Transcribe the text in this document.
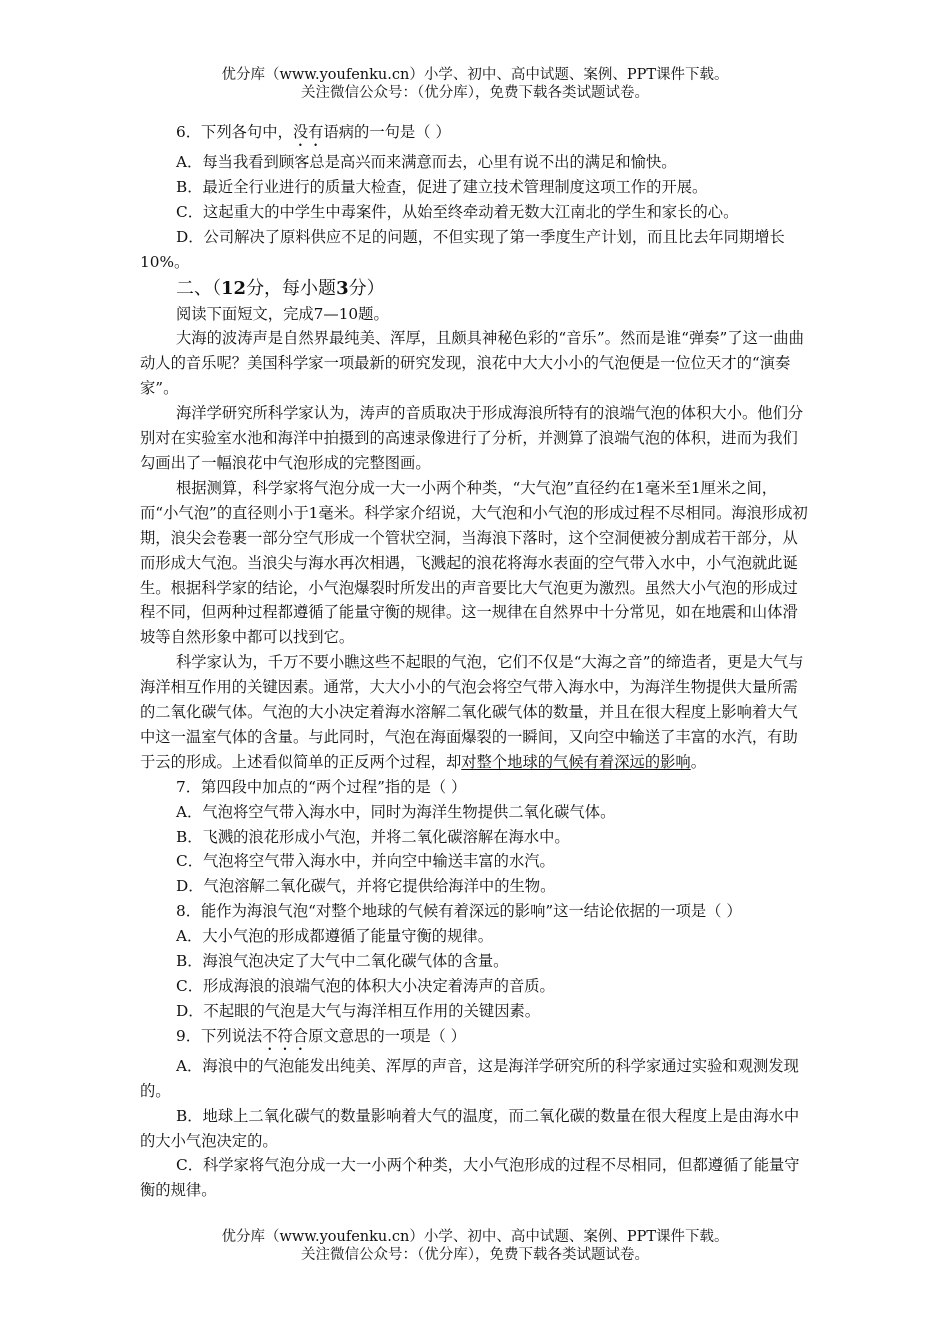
优分库（www.youfenku.cn）小学、初中、高中试题、案例、PPT课件下载。
关注微信公众号：（优分库），免费下载各类试题试卷。

6．下列各句中，没有语病的一句是（ ）

A．每当我看到顾客总是高兴而来满意而去，心里有说不出的满足和愉快。

B．最近全行业进行的质量大检查，促进了建立技术管理制度这项工作的开展。

C．这起重大的中学生中毒案件，从始至终牵动着无数大江南北的学生和家长的心。

D．公司解决了原料供应不足的问题，不但实现了第一季度生产计划，而且比去年同期增长10%。

二、（12分，每小题3分）

阅读下面短文，完成7—10题。

大海的波涛声是自然界最纯美、浑厚，且颇具神秘色彩的“音乐”。然而是谁“弹奏”了这一曲曲动人的音乐呢？美国科学家一项最新的研究发现，浪花中大大小小的气泡便是一位位天才的“演奏家”。

海洋学研究所科学家认为，涛声的音质取决于形成海浪所特有的浪端气泡的体积大小。他们分别对在实验室水池和海洋中拍摄到的高速录像进行了分析，并测算了浪端气泡的体积，进而为我们勾画出了一幅浪花中气泡形成的完整图画。

根据测算，科学家将气泡分成一大一小两个种类，“大气泡”直径约在1毫米至1厘米之间，而“小气泡”的直径则小于1毫米。科学家介绍说，大气泡和小气泡的形成过程不尽相同。海浪形成初期，浪尖会卷裹一部分空气形成一个管状空洞，当海浪下落时，这个空洞便被分割成若干部分，从而形成大气泡。当浪尖与海水再次相遇，飞溅起的浪花将海水表面的空气带入水中，小气泡就此诞生。根据科学家的结论，小气泡爆裂时所发出的声音要比大气泡更为激烈。虽然大小气泡的形成过程不同，但两种过程都遵循了能量守衡的规律。这一规律在自然界中十分常见，如在地震和山体滑坡等自然形象中都可以找到它。

科学家认为，千万不要小瞧这些不起眼的气泡，它们不仅是“大海之音”的缔造者，更是大气与海洋相互作用的关键因素。通常，大大小小的气泡会将空气带入海水中，为海洋生物提供大量所需的二氧化碳气体。气泡的大小决定着海水溶解二氧化碳气体的数量，并且在很大程度上影响着大气中这一温室气体的含量。与此同时，气泡在海面爆裂的一瞬间，又向空中输送了丰富的水汽，有助于云的形成。上述看似简单的正反两个过程，却对整个地球的气候有着深远的影响。

7．第四段中加点的“两个过程”指的是（ ）

A．气泡将空气带入海水中，同时为海洋生物提供二氧化碳气体。

B．飞溅的浪花形成小气泡，并将二氧化碳溶解在海水中。

C．气泡将空气带入海水中，并向空中输送丰富的水汽。

D．气泡溶解二氧化碳气，并将它提供给海洋中的生物。

8．能作为海浪气泡“对整个地球的气候有着深远的影响”这一结论依据的一项是（ ）

A．大小气泡的形成都遵循了能量守衡的规律。

B．海浪气泡决定了大气中二氧化碳气体的含量。

C．形成海浪的浪端气泡的体积大小决定着涛声的音质。

D．不起眼的气泡是大气与海洋相互作用的关键因素。

9．下列说法不符合原文意思的一项是（ ）

A．海浪中的气泡能发出纯美、浑厚的声音，这是海洋学研究所的科学家通过实验和观测发现的。

B．地球上二氧化碳气的数量影响着大气的温度，而二氧化碳的数量在很大程度上是由海水中的大小气泡决定的。

C．科学家将气泡分成一大一小两个种类，大小气泡形成的过程不尽相同，但都遵循了能量守衡的规律。

优分库（www.youfenku.cn）小学、初中、高中试题、案例、PPT课件下载。
关注微信公众号：（优分库），免费下载各类试题试卷。
